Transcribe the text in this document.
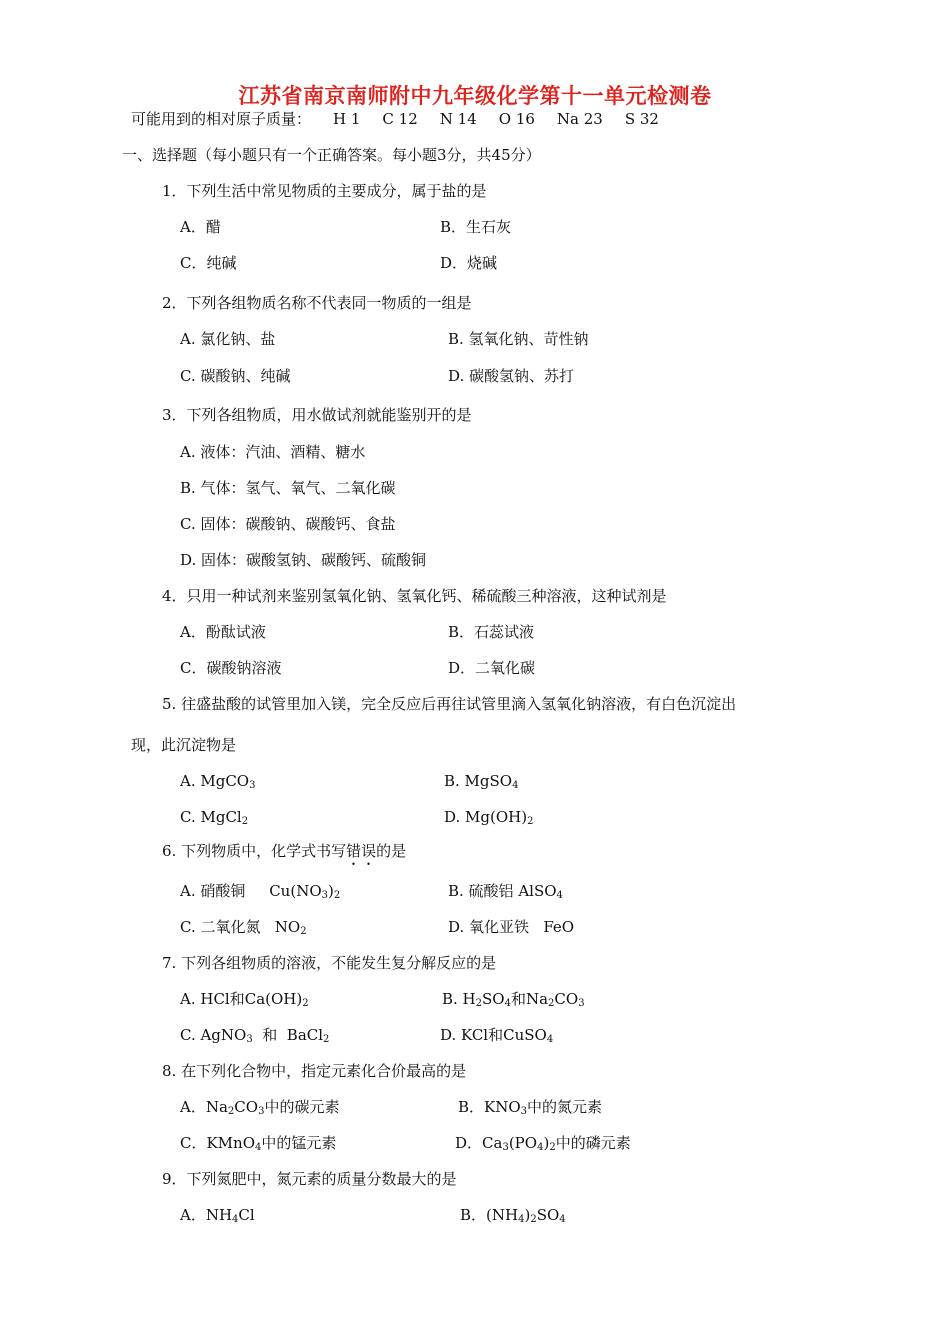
江苏省南京南师附中九年级化学第十一单元检测卷
可能用到的相对原子质量： H 1 C 12 N 14 O 16 Na 23 S 32
一、选择题（每小题只有一个正确答案。每小题3分，共45分）
1．下列生活中常见物质的主要成分，属于盐的是
A．醋	B．生石灰
C．纯碱	D．烧碱
2．下列各组物质名称不代表同一物质的一组是
A. 氯化钠、盐	B. 氢氧化钠、苛性钠
C. 碳酸钠、纯碱	D. 碳酸氢钠、苏打
3．下列各组物质，用水做试剂就能鉴别开的是
A. 液体：汽油、酒精、糖水
B. 气体：氢气、氧气、二氧化碳
C. 固体：碳酸钠、碳酸钙、食盐
D. 固体：碳酸氢钠、碳酸钙、硫酸铜
4．只用一种试剂来鉴别氢氧化钠、氢氧化钙、稀硫酸三种溶液，这种试剂是
A．酚酞试液	B．石蕊试液
C．碳酸钠溶液	D．二氧化碳
5. 往盛盐酸的试管里加入镁，完全反应后再往试管里滴入氢氧化钠溶液，有白色沉淀出
现，此沉淀物是
A. MgCO$_3$	B. MgSO$_4$
C. MgCl$_2$	D. $Mg(OH)_2$
6. 下列物质中，化学式书写错误的是
A. 硝酸铜     $Cu(NO_3)_2$	B. 硫酸铝 AlSO$_4$
C. 二氧化氮   $NO_2$	D. 氧化亚铁   FeO
7. 下列各组物质的溶液，不能发生复分解反应的是
A. HCl和$Ca(OH)_2$	B. $H_2SO_4$和$Na_2CO_3$
C. AgNO$_3$  和  BaCl$_2$	D. KCl和CuSO$_4$
8. 在下列化合物中，指定元素化合价最高的是
A．$Na_2CO_3$中的碳元素	B．$KNO_3$中的氮元素
C．KMnO$_4$中的锰元素	D．$Ca_3(PO_4)_2$中的磷元素
9．下列氮肥中，氮元素的质量分数最大的是
A．$NH_4Cl$	B．$(NH_4)_2SO_4$
